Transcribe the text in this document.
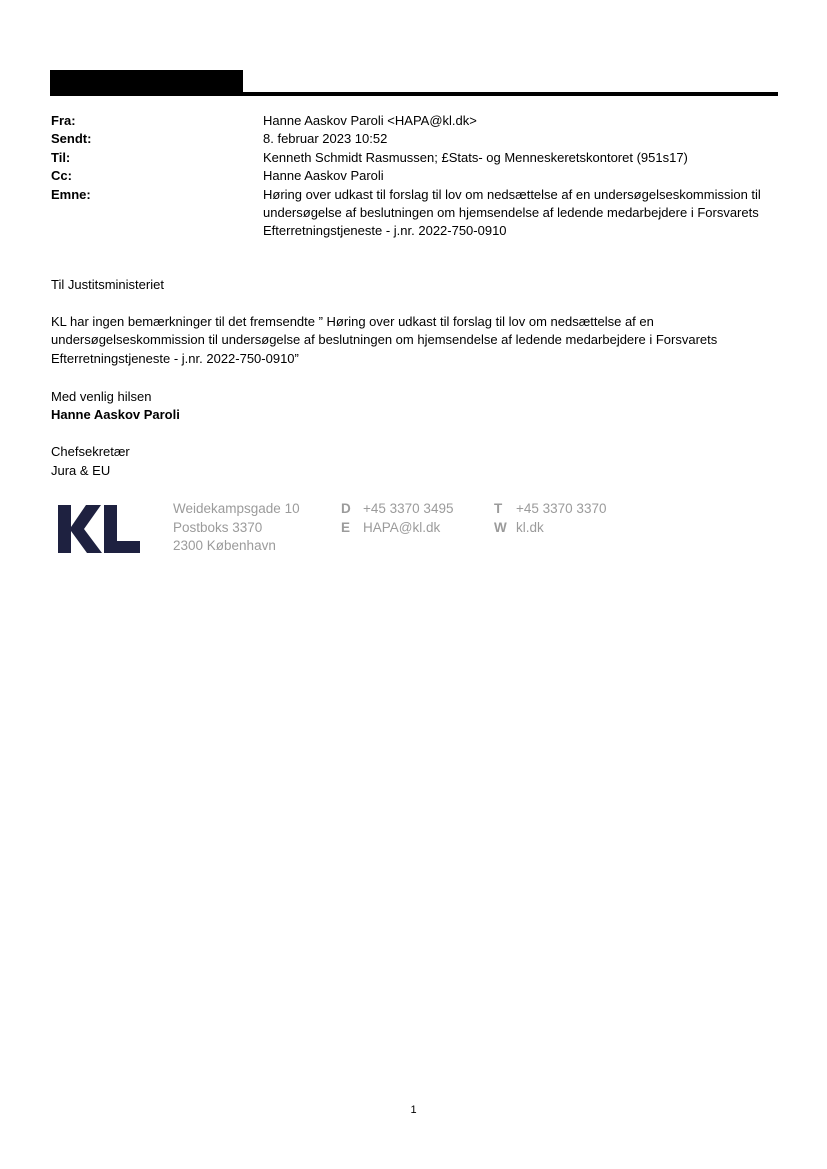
Fra:	Hanne Aaskov Paroli <HAPA@kl.dk>
Sendt:	8. februar 2023 10:52
Til:	Kenneth Schmidt Rasmussen; £Stats- og Menneskeretskontoret (951s17)
Cc:	Hanne Aaskov Paroli
Emne:	Høring over udkast til forslag til lov om nedsættelse af en undersøgelseskommission til undersøgelse af beslutningen om hjemsendelse af ledende medarbejdere i Forsvarets Efterretningstjeneste - j.nr. 2022-750-0910

Til Justitsministeriet

KL har ingen bemærkninger til det fremsendte ” Høring over udkast til forslag til lov om nedsættelse af en undersøgelseskommission til undersøgelse af beslutningen om hjemsendelse af ledende medarbejdere i Forsvarets Efterretningstjeneste - j.nr. 2022-750-0910”

Med venlig hilsen

Hanne Aaskov Paroli

Chefsekretær

Jura & EU

Weidekampsgade 10
Postboks 3370
2300 København
D +45 3370 3495
E HAPA@kl.dk
T +45 3370 3370
W kl.dk
1
